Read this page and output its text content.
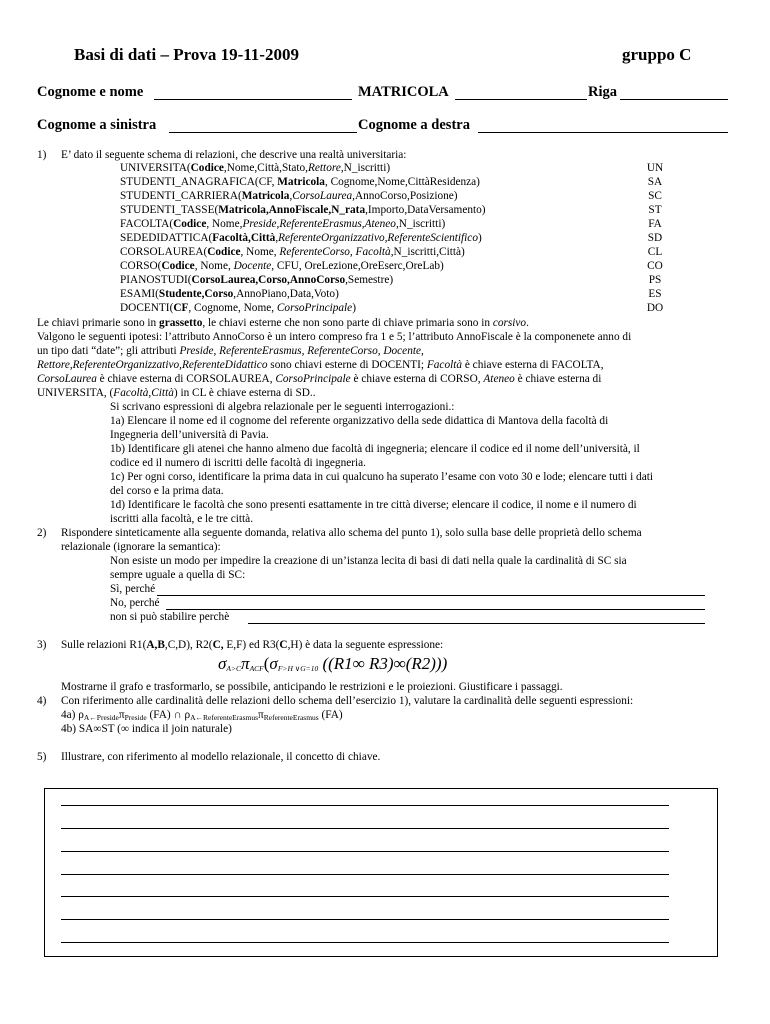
Basi di dati – Prova 19-11-2009	gruppo C
Cognome e nome	MATRICOLA	Riga
Cognome a sinistra	Cognome a destra
1) E’ dato il seguente schema di relazioni, che descrive una realtà universitaria:
UNIVERSITA(Codice,Nome,Città,Stato,Rettore,N_iscritti)	UN
STUDENTI_ANAGRAFICA(CF, Matricola, Cognome,Nome,CittàResidenza)	SA
STUDENTI_CARRIERA(Matricola,CorsoLaurea,AnnoCorso,Posizione)	SC
STUDENTI_TASSE(Matricola,AnnoFiscale,N_rata,Importo,DataVersamento)	ST
FACOLTA(Codice, Nome,Preside,ReferenteErasmus,Ateneo,N_iscritti)	FA
SEDEDIDATTICA(Facoltà,Città,ReferenteOrganizzativo,ReferenteScientifico)	SD
CORSOLAUREA(Codice, Nome, ReferenteCorso, Facoltà,N_iscritti,Città)	CL
CORSO(Codice, Nome, Docente, CFU, OreLezione,OreEserc,OreLab)	CO
PIANOSTUDI(CorsoLaurea,Corso,AnnoCorso,Semestre)	PS
ESAMI(Studente,Corso,AnnoPiano,Data,Voto)	ES
DOCENTI(CF, Cognome, Nome, CorsoPrincipale)	DO
Le chiavi primarie sono in grassetto, le chiavi esterne che non sono parte di chiave primaria sono in corsivo.
Valgono le seguenti ipotesi: l’attributo AnnoCorso è un intero compreso fra 1 e 5; l’attributo AnnoFiscale è la componenete anno di
un tipo dati “date”; gli attributi Preside, ReferenteErasmus, ReferenteCorso, Docente,
Rettore,ReferenteOrganizzativo,ReferenteDidattico sono chiavi esterne di DOCENTI; Facoltà è chiave esterna di FACOLTA,
CorsoLaurea è chiave esterna di CORSOLAUREA, CorsoPrincipale è chiave esterna di CORSO, Ateneo è chiave esterna di
UNIVERSITA, (Facoltà,Città) in CL è chiave esterna di SD..
Si scrivano espressioni di algebra relazionale per le seguenti interrogazioni.:
1a) Elencare il nome ed il cognome del referente organizzativo della sede didattica di Mantova della facoltà di
Ingegneria dell’università di Pavia.
1b) Identificare gli atenei che hanno almeno due facoltà di ingegneria; elencare il codice ed il nome dell’università, il
codice ed il numero di iscritti delle facoltà di ingegneria.
1c) Per ogni corso, identificare la prima data in cui qualcuno ha superato l’esame con voto 30 e lode; elencare tutti i dati
del corso e la prima data.
1d) Identificare le facoltà che sono presenti esattamente in tre città diverse; elencare il codice, il nome e il numero di
iscritti alla facoltà, e le tre città.
2) Rispondere sinteticamente alla seguente domanda, relativa allo schema del punto 1), solo sulla base delle proprietà dello schema
relazionale (ignorare la semantica):
Non esiste un modo per impedire la creazione di un’istanza lecita di basi di dati nella quale la cardinalità di SC sia
sempre uguale a quella di SC:
Sì, perché
No, perché
non si può stabilire perchè
3) Sulle relazioni R1(A,B,C,D), R2(C, E,F) ed R3(C,H) è data la seguente espressione:
$\sigma_{A>C}\pi_{ACF}(\sigma_{F>H \vee G=10}$ ((R1∞ R3)∞(R2)))
Mostrarne il grafo e trasformarlo, se possibile, anticipando le restrizioni e le proiezioni. Giustificare i passaggi.
4) Con riferimento alle cardinalità delle relazioni dello schema dell’esercizio 1), valutare la cardinalità delle seguenti espressioni:
4a) $\rho_{A\leftarrow Preside}\pi_{Preside}$ (FA) ∩ $\rho_{A\leftarrow ReferenteErasmus}\pi_{ReferenteErasmus}$ (FA)
4b) SA∞ST (∞ indica il join naturale)
5) Illustrare, con riferimento al modello relazionale, il concetto di chiave.
